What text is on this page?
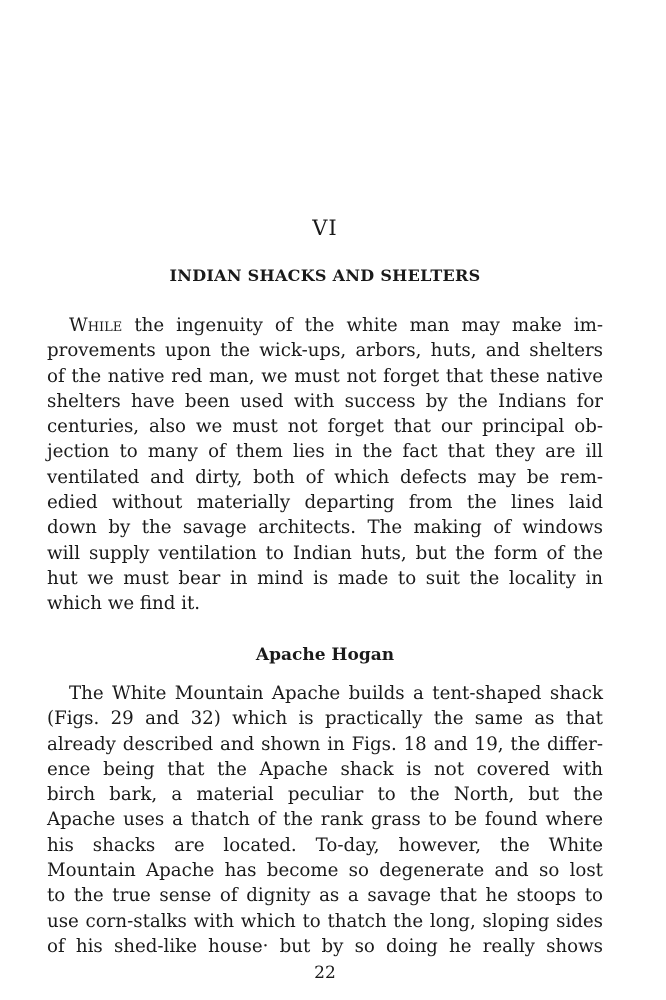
VI
INDIAN SHACKS AND SHELTERS
While the ingenuity of the white man may make im-
provements upon the wick-ups, arbors, huts, and shelters
of the native red man, we must not forget that these native
shelters have been used with success by the Indians for
centuries, also we must not forget that our principal ob-
jection to many of them lies in the fact that they are ill
ventilated and dirty, both of which defects may be rem-
edied without materially departing from the lines laid
down by the savage architects. The making of windows
will supply ventilation to Indian huts, but the form of the
hut we must bear in mind is made to suit the locality in
which we find it.
Apache Hogan
The White Mountain Apache builds a tent-shaped shack
(Figs. 29 and 32) which is practically the same as that
already described and shown in Figs. 18 and 19, the differ-
ence being that the Apache shack is not covered with
birch bark, a material peculiar to the North, but the
Apache uses a thatch of the rank grass to be found where
his shacks are located. To-day, however, the White
Mountain Apache has become so degenerate and so lost
to the true sense of dignity as a savage that he stoops to
use corn-stalks with which to thatch the long, sloping sides
of his shed-like house· but by so doing he really shows
22
